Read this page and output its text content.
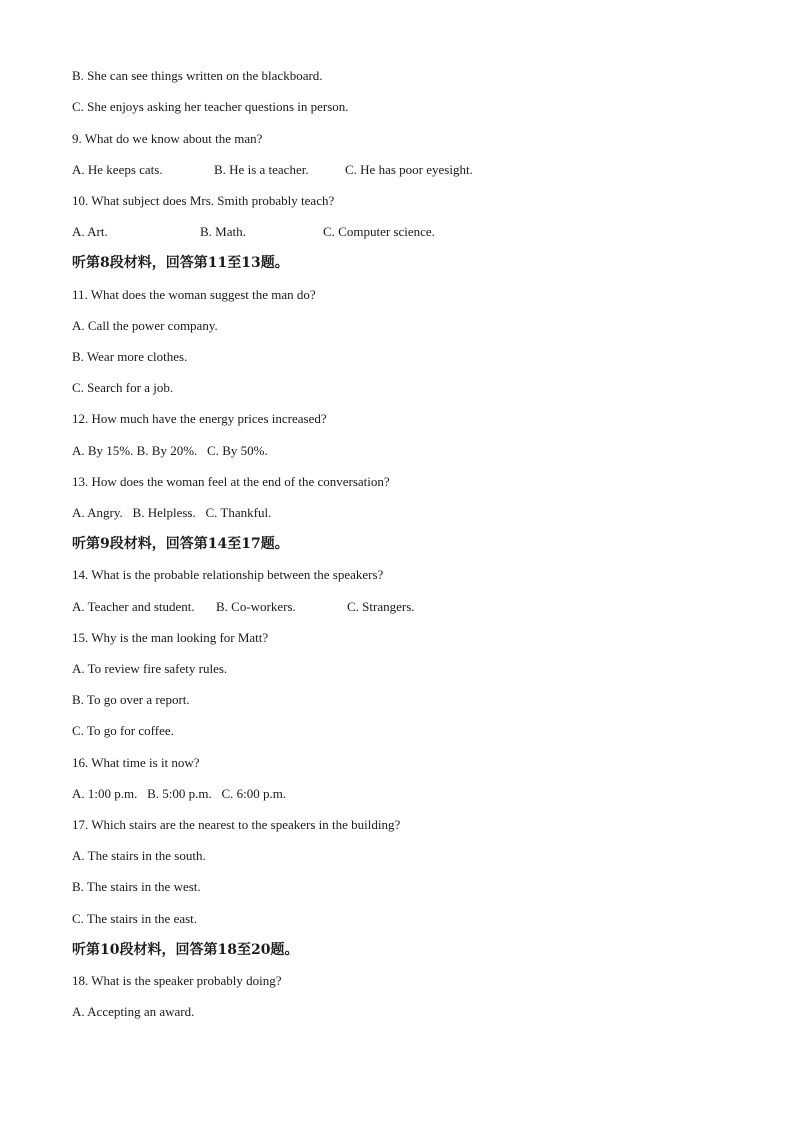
B. She can see things written on the blackboard.
C. She enjoys asking her teacher questions in person.
9. What do we know about the man?
A. He keeps cats.	B. He is a teacher.	C. He has poor eyesight.
10. What subject does Mrs. Smith probably teach?
A. Art.	B. Math.	C. Computer science.
听第8段材料，回答第11至13题。
11. What does the woman suggest the man do?
A. Call the power company.
B. Wear more clothes.
C. Search for a job.
12. How much have the energy prices increased?
A. By 15%. B. By 20%.   C. By 50%.
13. How does the woman feel at the end of the conversation?
A. Angry.   B. Helpless.   C. Thankful.
听第9段材料，回答第14至17题。
14. What is the probable relationship between the speakers?
A. Teacher and student. B. Co-workers.	C. Strangers.
15. Why is the man looking for Matt?
A. To review fire safety rules.
B. To go over a report.
C. To go for coffee.
16. What time is it now?
A. 1:00 p.m.   B. 5:00 p.m.   C. 6:00 p.m.
17. Which stairs are the nearest to the speakers in the building?
A. The stairs in the south.
B. The stairs in the west.
C. The stairs in the east.
听第10段材料，回答第18至20题。
18. What is the speaker probably doing?
A. Accepting an award.
